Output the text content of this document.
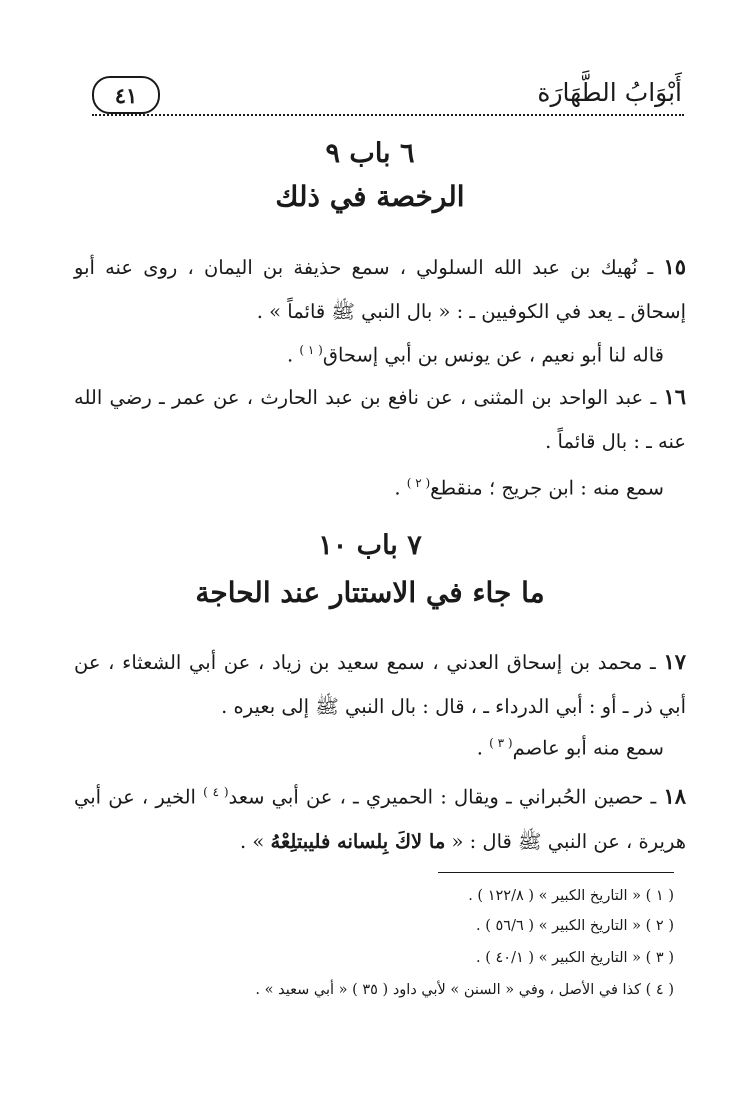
أَبْوَابُ الطَّهَارَة
٤١
٦ باب ٩
الرخصة في ذلك
١٥ ـ نُهيك بن عبد الله السلولي ، سمع حذيفة بن اليمان ، روى عنه أبو إسحاق ـ يعد في الكوفيين ـ : « بال النبي ﷺ قائماً » .
قاله لنا أبو نعيم ، عن يونس بن أبي إسحاق$^{( ١ )}$ .
١٦ ـ عبد الواحد بن المثنى ، عن نافع بن عبد الحارث ، عن عمر ـ رضي الله عنه ـ : بال قائماً .
سمع منه : ابن جريج ؛ منقطع$^{( ٢ )}$ .
٧ باب ١٠
ما جاء في الاستتار عند الحاجة
١٧ ـ محمد بن إسحاق العدني ، سمع سعيد بن زياد ، عن أبي الشعثاء ، عن أبي ذر ـ أو : أبي الدرداء ـ ، قال : بال النبي ﷺ إلى بعيره .
سمع منه أبو عاصم$^{( ٣ )}$ .
١٨ ـ حصين الحُبراني ـ ويقال : الحميري ـ ، عن أبي سعد$^{( ٤ )}$ الخير ، عن أبي هريرة ، عن النبي ﷺ قال : « ما لاكَ بِلسانه فليبتلِعْهُ » .
( ١ ) « التاريخ الكبير » ( ١٢٢/٨ ) .
( ٢ ) « التاريخ الكبير » ( ٥٦/٦ ) .
( ٣ ) « التاريخ الكبير » ( ٤٠/١ ) .
( ٤ ) كذا في الأصل ، وفي « السنن » لأبي داود ( ٣٥ ) « أبي سعيد » .
